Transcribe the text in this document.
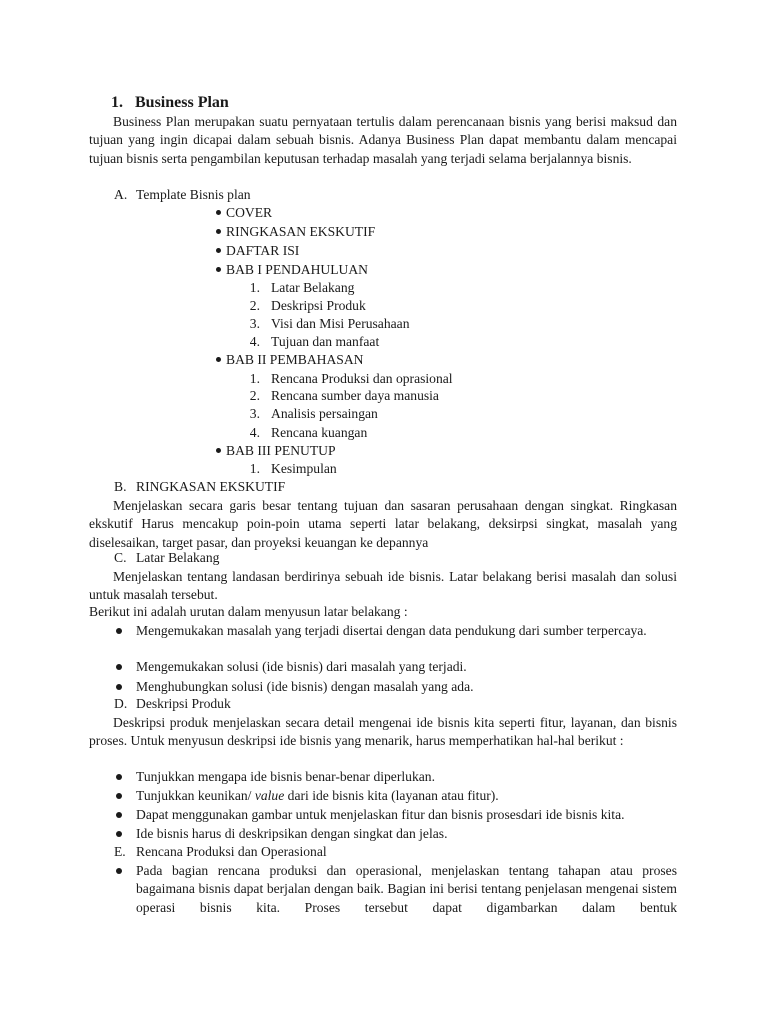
1. Business Plan
Business Plan merupakan suatu pernyataan tertulis dalam perencanaan bisnis yang berisi maksud dan tujuan yang ingin dicapai dalam sebuah bisnis. Adanya Business Plan dapat membantu dalam mencapai tujuan bisnis serta pengambilan keputusan terhadap masalah yang terjadi selama berjalannya bisnis.
A. Template Bisnis plan
COVER
RINGKASAN EKSKUTIF
DAFTAR ISI
BAB I PENDAHULUAN
1. Latar Belakang
2. Deskripsi Produk
3. Visi dan Misi Perusahaan
4. Tujuan dan manfaat
BAB II PEMBAHASAN
1. Rencana Produksi dan oprasional
2. Rencana sumber daya manusia
3. Analisis persaingan
4. Rencana kuangan
BAB III PENUTUP
1. Kesimpulan
B. RINGKASAN EKSKUTIF
Menjelaskan secara garis besar tentang tujuan dan sasaran perusahaan dengan singkat. Ringkasan ekskutif Harus mencakup poin-poin utama seperti latar belakang, deksirpsi singkat, masalah yang diselesaikan, target pasar, dan proyeksi keuangan ke depannya
C. Latar Belakang
Menjelaskan tentang landasan berdirinya sebuah ide bisnis. Latar belakang berisi masalah dan solusi untuk masalah tersebut.
Berikut ini adalah urutan dalam menyusun latar belakang :
Mengemukakan masalah yang terjadi disertai dengan data pendukung dari sumber terpercaya.
Mengemukakan solusi (ide bisnis) dari masalah yang terjadi.
Menghubungkan solusi (ide bisnis) dengan masalah yang ada.
D. Deskripsi Produk
Deskripsi produk menjelaskan secara detail mengenai ide bisnis kita seperti fitur, layanan, dan bisnis proses. Untuk menyusun deskripsi ide bisnis yang menarik, harus memperhatikan hal-hal berikut :
Tunjukkan mengapa ide bisnis benar-benar diperlukan.
Tunjukkan keunikan/ value dari ide bisnis kita (layanan atau fitur).
Dapat menggunakan gambar untuk menjelaskan fitur dan bisnis prosesdari ide bisnis kita.
Ide bisnis harus di deskripsikan dengan singkat dan jelas.
E. Rencana Produksi dan Operasional
Pada bagian rencana produksi dan operasional, menjelaskan tentang tahapan atau proses bagaimana bisnis dapat berjalan dengan baik. Bagian ini berisi tentang penjelasan mengenai sistem operasi bisnis kita. Proses tersebut dapat digambarkan dalam bentuk
